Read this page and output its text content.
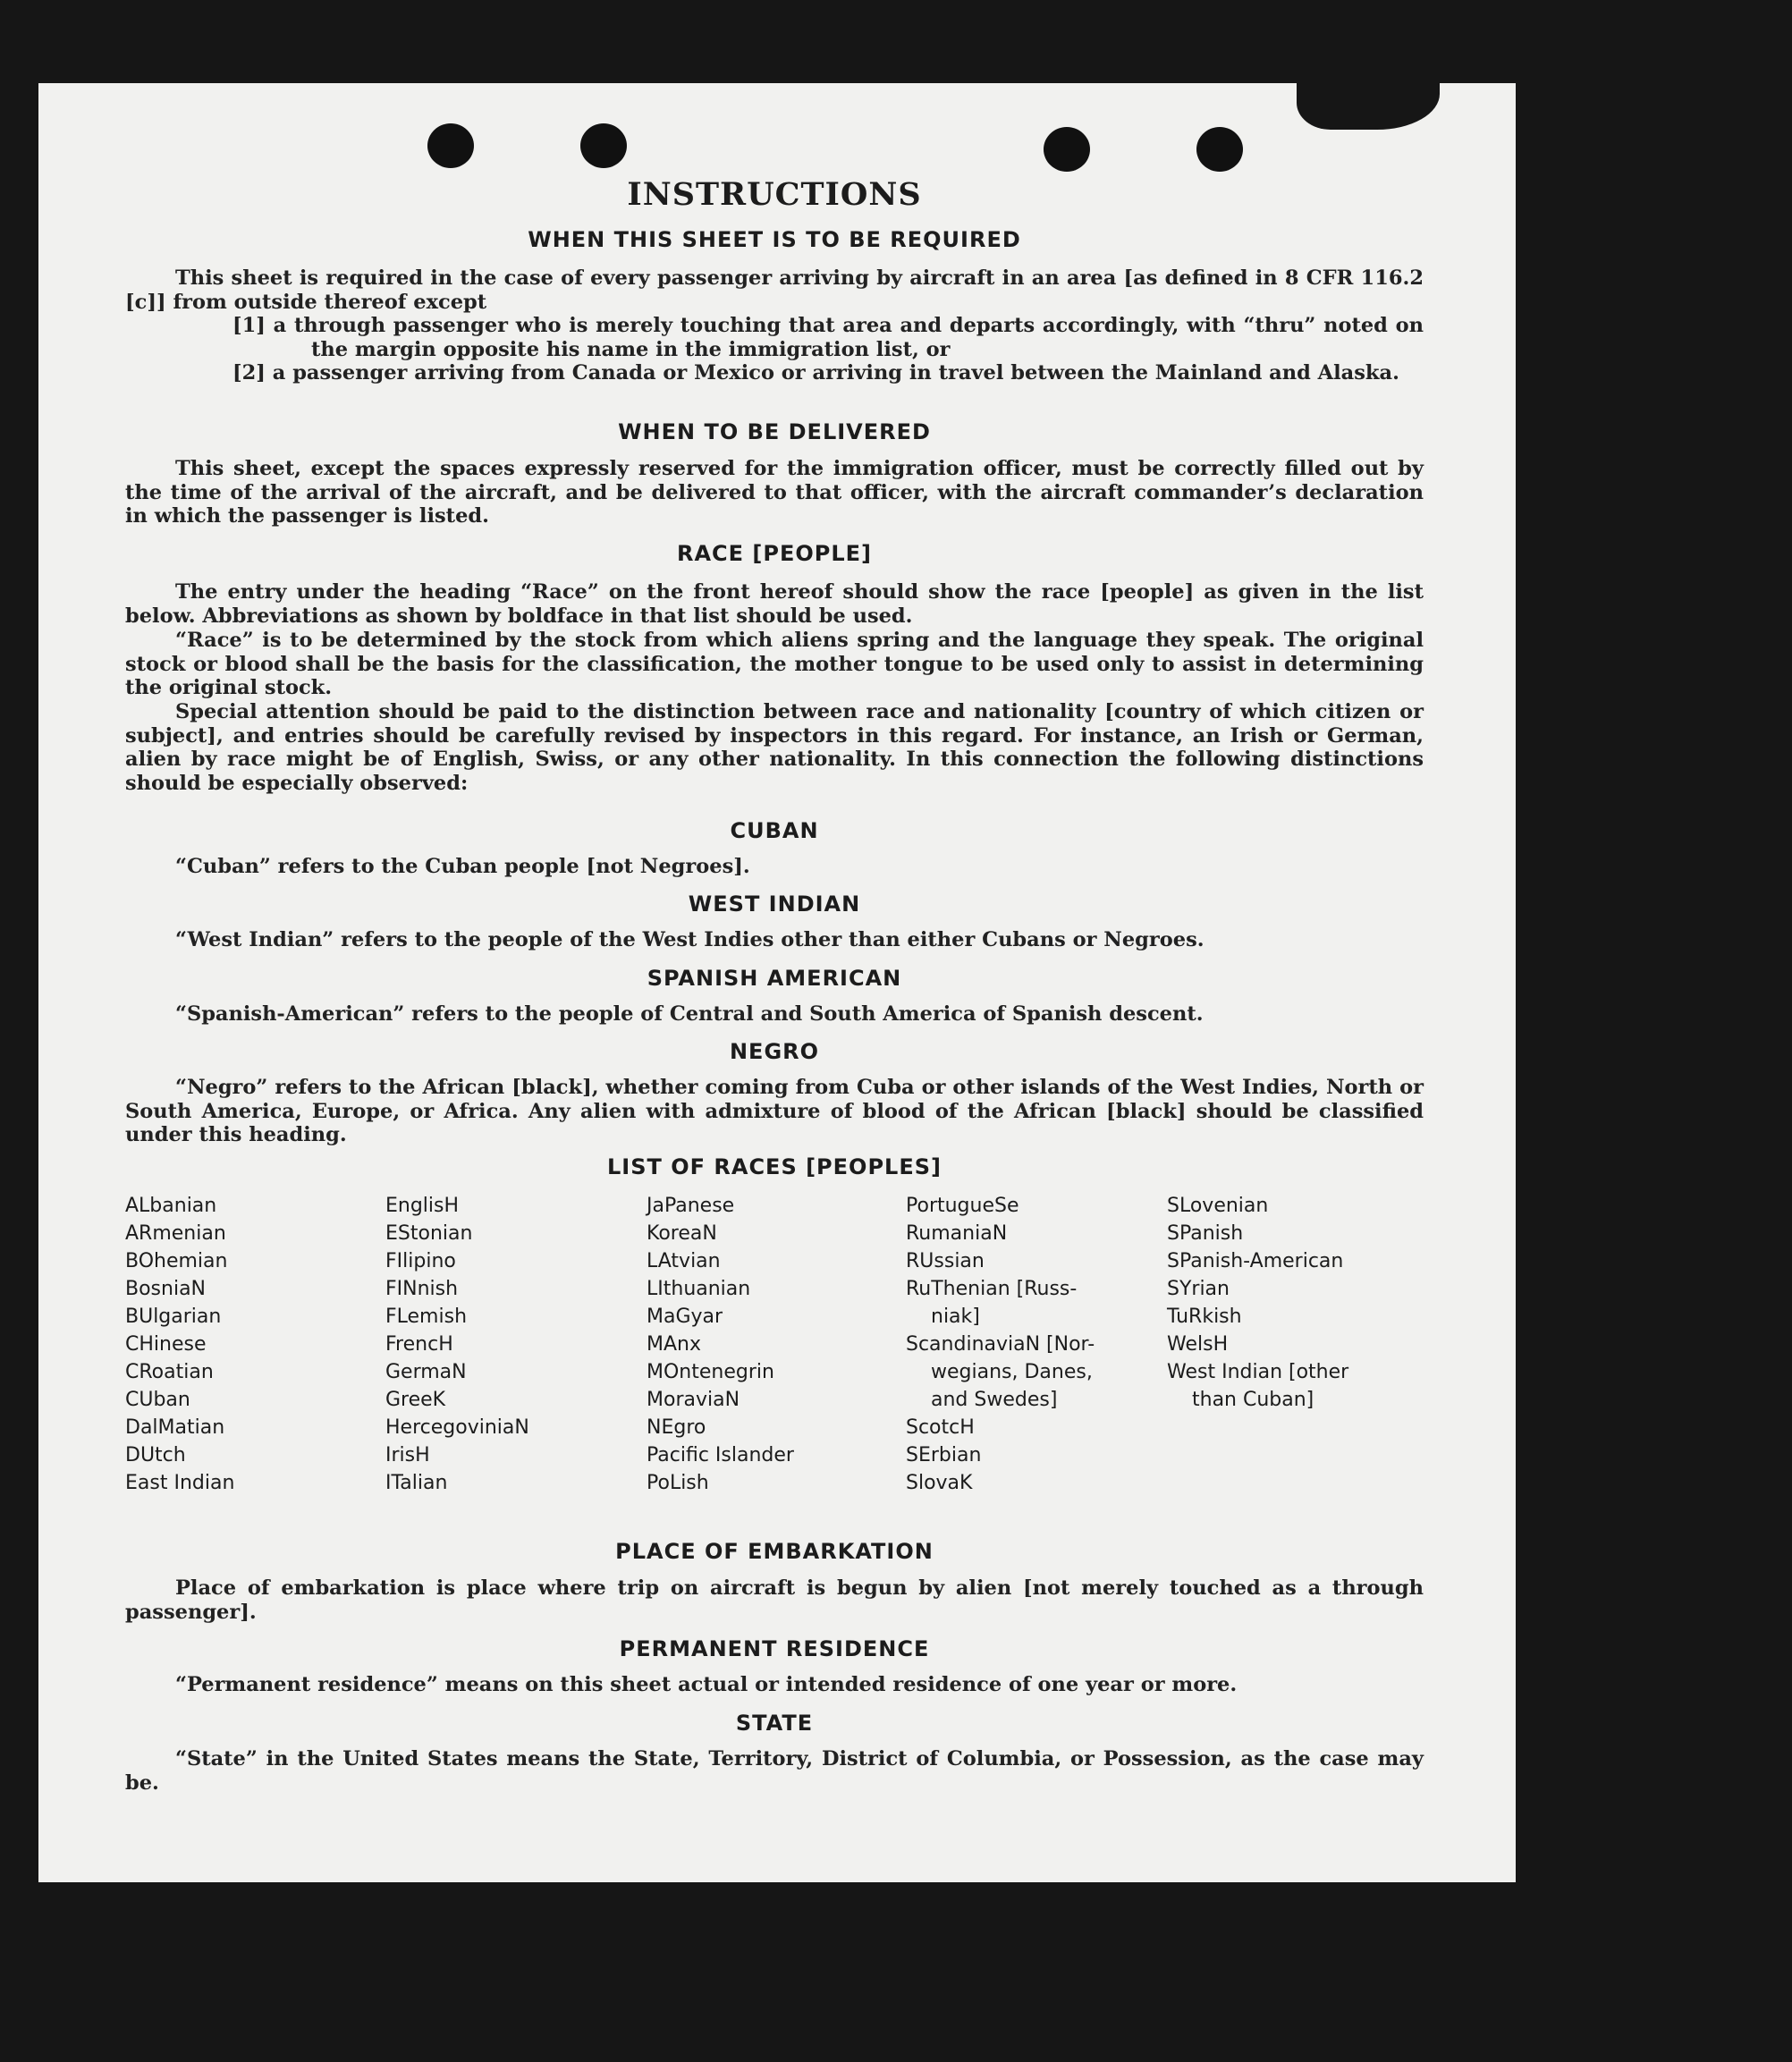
INSTRUCTIONS
WHEN THIS SHEET IS TO BE REQUIRED

This sheet is required in the case of every passenger arriving by aircraft in an area [as defined in 8 CFR 116.2 [c]] from outside thereof except

[1] a through passenger who is merely touching that area and departs accordingly, with “thru” noted on the margin opposite his name in the immigration list, or

[2] a passenger arriving from Canada or Mexico or arriving in travel between the Mainland and Alaska.

WHEN TO BE DELIVERED

This sheet, except the spaces expressly reserved for the immigration officer, must be correctly filled out by the time of the arrival of the aircraft, and be delivered to that officer, with the aircraft commander’s declaration in which the passenger is listed.

RACE [PEOPLE]

The entry under the heading “Race” on the front hereof should show the race [people] as given in the list below. Abbreviations as shown by boldface in that list should be used.

“Race” is to be determined by the stock from which aliens spring and the language they speak. The original stock or blood shall be the basis for the classification, the mother tongue to be used only to assist in determining the original stock.

Special attention should be paid to the distinction between race and nationality [country of which citizen or subject], and entries should be carefully revised by inspectors in this regard. For instance, an Irish or German, alien by race might be of English, Swiss, or any other nationality. In this connection the following distinctions should be especially observed:

CUBAN

“Cuban” refers to the Cuban people [not Negroes].

WEST INDIAN

“West Indian” refers to the people of the West Indies other than either Cubans or Negroes.

SPANISH AMERICAN

“Spanish-American” refers to the people of Central and South America of Spanish descent.

NEGRO

“Negro” refers to the African [black], whether coming from Cuba or other islands of the West Indies, North or South America, Europe, or Africa. Any alien with admixture of blood of the African [black] should be classified under this heading.

LIST OF RACES [PEOPLES]
ALbanian
ARmenian
BOhemian
BosniaN
BUlgarian
CHinese
CRoatian
CUban
DalMatian
DUtch
East Indian
EnglisH
EStonian
FIlipino
FINnish
FLemish
FrencH
GermaN
GreeK
HercegoviniaN
IrisH
ITalian
JaPanese
KoreaN
LAtvian
LIthuanian
MaGyar
MAnx
MOntenegrin
MoraviaN
NEgro
Pacific Islander
PoLish
PortugueSe
RumaniaN
RUssian
RuThenian [Russ-
niak]
ScandinaviaN [Nor-
wegians, Danes,
and Swedes]
ScotcH
SErbian
SlovaK
SLovenian
SPanish
SPanish-American
SYrian
TuRkish
WelsH
West Indian [other
than Cuban]
PLACE OF EMBARKATION

Place of embarkation is place where trip on aircraft is begun by alien [not merely touched as a through passenger].

PERMANENT RESIDENCE

“Permanent residence” means on this sheet actual or intended residence of one year or more.

STATE

“State” in the United States means the State, Territory, District of Columbia, or Possession, as the case may be.
